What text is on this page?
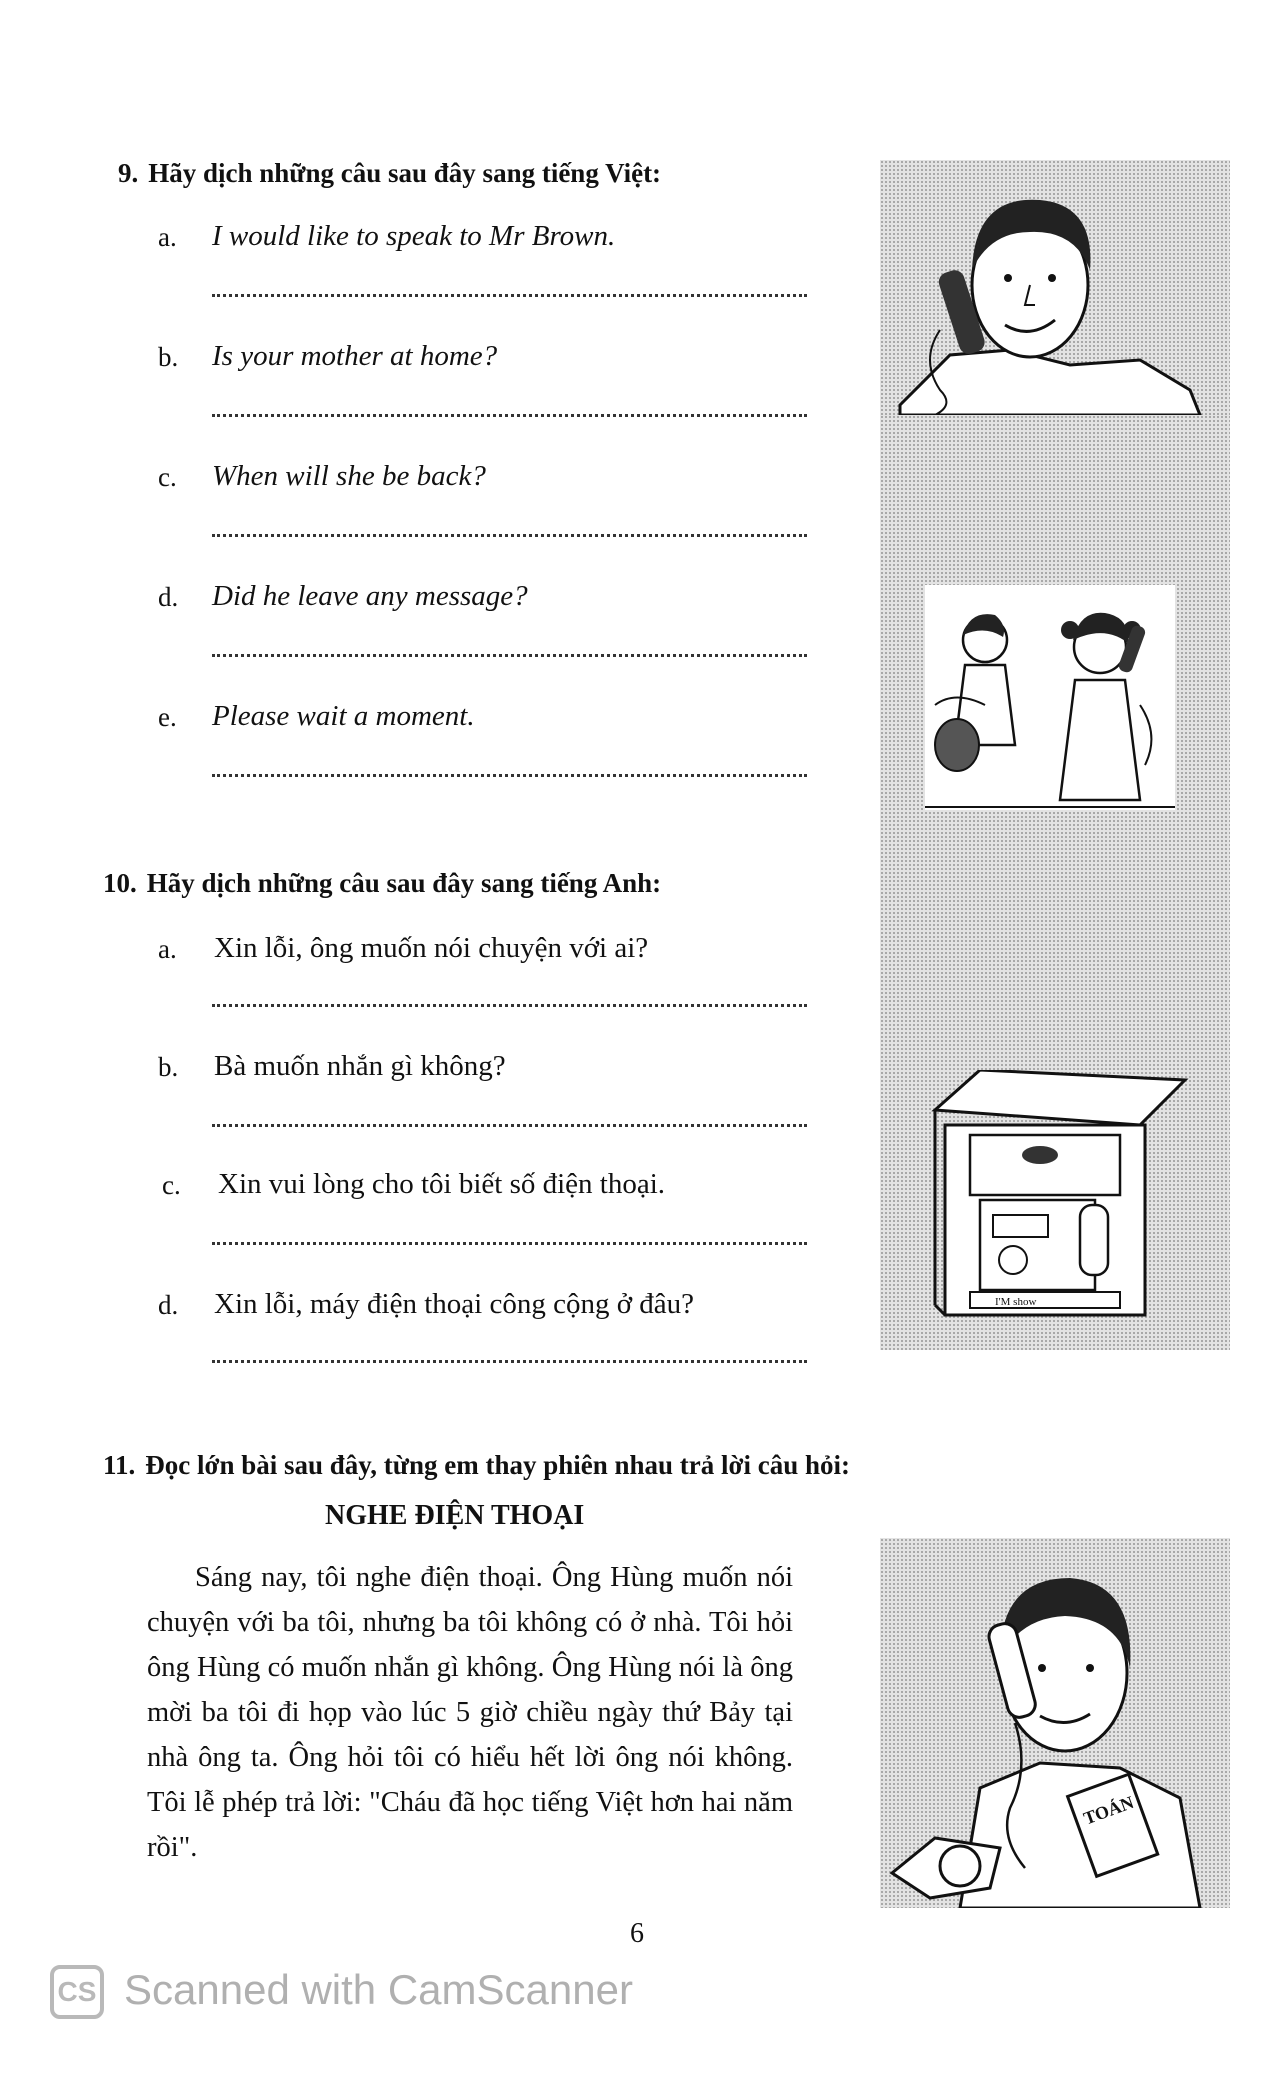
9. Hãy dịch những câu sau đây sang tiếng Việt:
a. I would like to speak to Mr Brown.
b. Is your mother at home?
c. When will she be back?
d. Did he leave any message?
e. Please wait a moment.
10. Hãy dịch những câu sau đây sang tiếng Anh:
a. Xin lỗi, ông muốn nói chuyện với ai?
b. Bà muốn nhắn gì không?
c. Xin vui lòng cho tôi biết số điện thoại.
d. Xin lỗi, máy điện thoại công cộng ở đâu?
11. Đọc lớn bài sau đây, từng em thay phiên nhau trả lời câu hỏi:
NGHE ĐIỆN THOẠI

Sáng nay, tôi nghe điện thoại. Ông Hùng muốn nói chuyện với ba tôi, nhưng ba tôi không có ở nhà. Tôi hỏi ông Hùng có muốn nhắn gì không. Ông Hùng nói là ông mời ba tôi đi họp vào lúc 5 giờ chiều ngày thứ Bảy tại nhà ông ta. Ông hỏi tôi có hiểu hết lời ông nói không. Tôi lễ phép trả lời: "Cháu đã học tiếng Việt hơn hai năm rồi".

I'M show
TOÁN
6
CS Scanned with CamScanner
